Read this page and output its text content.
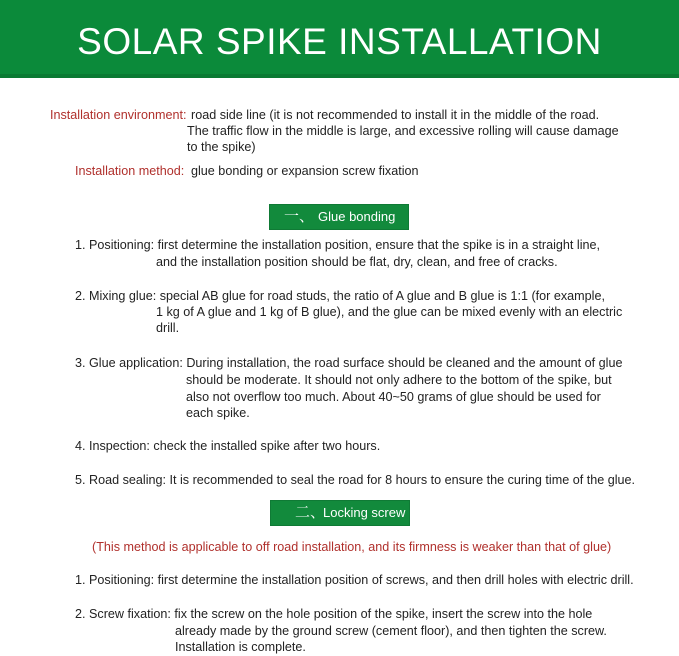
SOLAR SPIKE INSTALLATION
Installation environment: road side line (it is not recommended to install it in the middle of the road.
The traffic flow in the middle is large, and excessive rolling will cause damage
to the spike)
Installation method: glue bonding or expansion screw fixation
一、 Glue bonding
1. Positioning: first determine the installation position, ensure that the spike is in a straight line,
and the installation position should be flat, dry, clean, and free of cracks.
2. Mixing glue: special AB glue for road studs, the ratio of A glue and B glue is 1:1 (for example,
1 kg of A glue and 1 kg of B glue), and the glue can be mixed evenly with an electric
drill.
3. Glue application: During installation, the road surface should be cleaned and the amount of glue
should be moderate. It should not only adhere to the bottom of the spike, but
also not overflow too much. About 40~50 grams of glue should be used for
each spike.
4. Inspection: check the installed spike after two hours.
5. Road sealing: It is recommended to seal the road for 8 hours to ensure the curing time of the glue.
二、
Locking screw
(This method is applicable to off road installation, and its firmness is weaker than that of glue)
1. Positioning: first determine the installation position of screws, and then drill holes with electric drill.
2. Screw fixation: fix the screw on the hole position of the spike, insert the screw into the hole
already made by the ground screw (cement floor), and then tighten the screw.
Installation is complete.
